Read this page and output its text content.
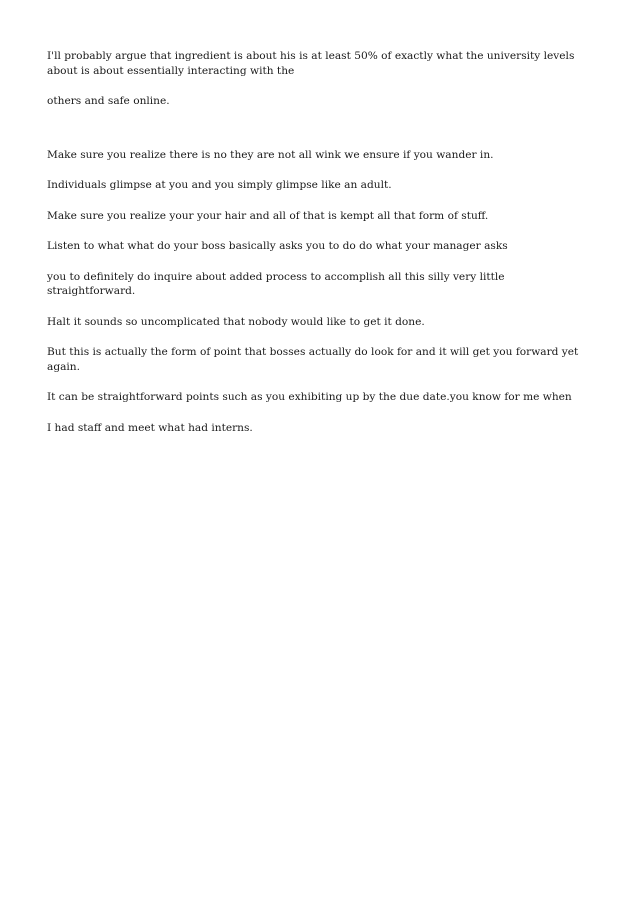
I'll probably argue that ingredient is about his is at least 50% of exactly what the university levels about is about essentially interacting with the

others and safe online.

Make sure you realize there is no they are not all wink we ensure if you wander in.

Individuals glimpse at you and you simply glimpse like an adult.

Make sure you realize your your hair and all of that is kempt all that form of stuff.

Listen to what what do your boss basically asks you to do do what your manager asks

you to definitely do inquire about added process to accomplish all this silly very little straightforward.

Halt it sounds so uncomplicated that nobody would like to get it done.

But this is actually the form of point that bosses actually do look for and it will get you forward yet again.

It can be straightforward points such as you exhibiting up by the due date.you know for me when

I had staff and meet what had interns.
